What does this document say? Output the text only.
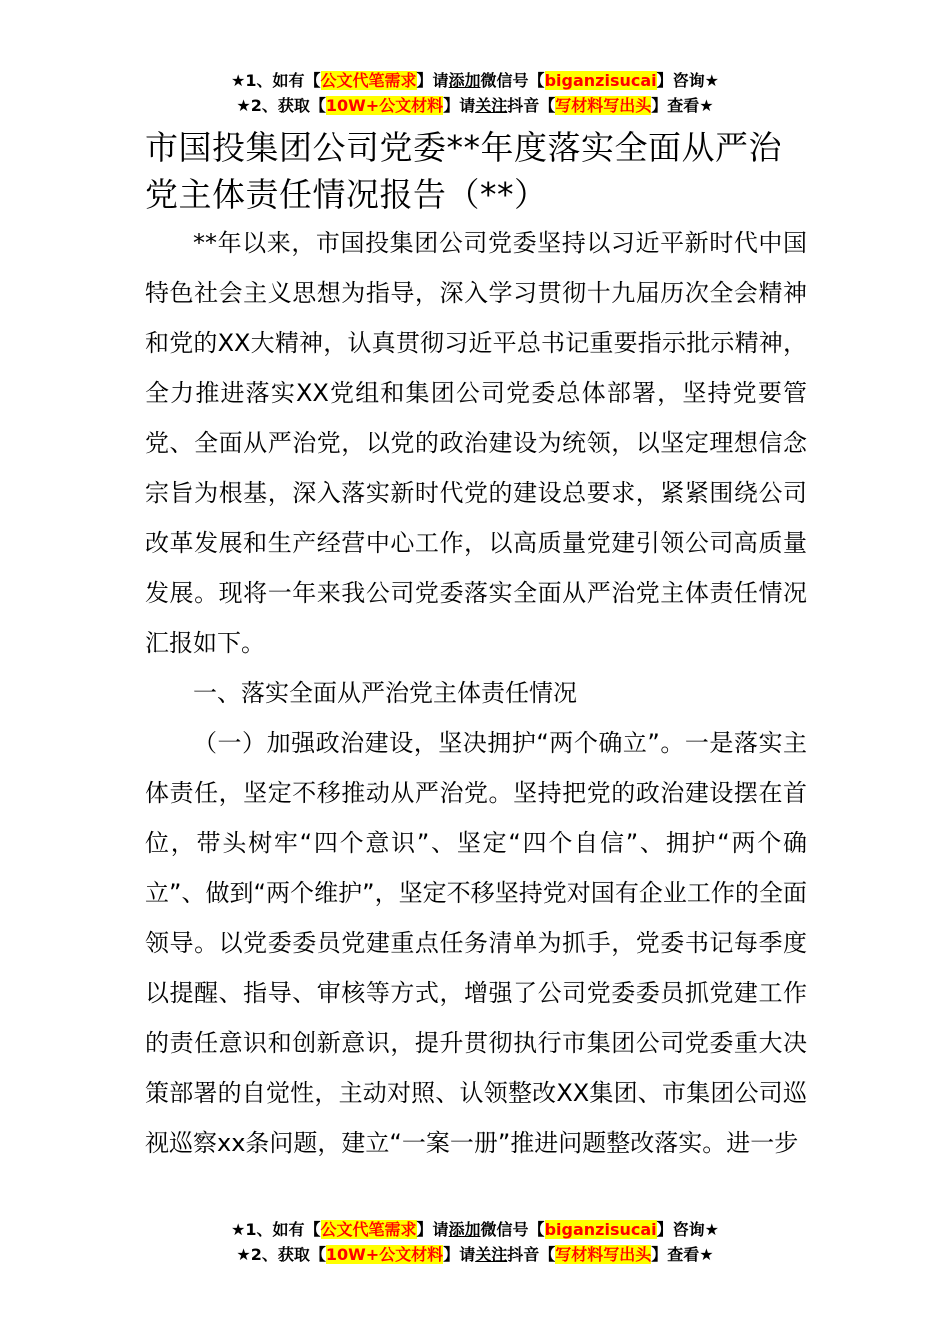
★1、如有【公文代笔需求】请添加微信号【biganzisucai】咨询★
★2、获取【10W+公文材料】请关注抖音【写材料写出头】查看★
市国投集团公司党委**年度落实全面从严治党主体责任情况报告（**）

**年以来，市国投集团公司党委坚持以习近平新时代中国特色社会主义思想为指导，深入学习贯彻十九届历次全会精神和党的XX大精神，认真贯彻习近平总书记重要指示批示精神，全力推进落实XX党组和集团公司党委总体部署，坚持党要管党、全面从严治党，以党的政治建设为统领，以坚定理想信念宗旨为根基，深入落实新时代党的建设总要求，紧紧围绕公司改革发展和生产经营中心工作，以高质量党建引领公司高质量发展。现将一年来我公司党委落实全面从严治党主体责任情况汇报如下。

一、落实全面从严治党主体责任情况

（一）加强政治建设，坚决拥护“两个确立”。一是落实主体责任，坚定不移推动从严治党。坚持把党的政治建设摆在首位，带头树牢“四个意识”、坚定“四个自信”、拥护“两个确立”、做到“两个维护”，坚定不移坚持党对国有企业工作的全面领导。以党委委员党建重点任务清单为抓手，党委书记每季度以提醒、指导、审核等方式，增强了公司党委委员抓党建工作的责任意识和创新意识，提升贯彻执行市集团公司党委重大决策部署的自觉性，主动对照、认领整改XX集团、市集团公司巡视巡察xx条问题，建立“一案一册”推进问题整改落实。进一步

★1、如有【公文代笔需求】请添加微信号【biganzisucai】咨询★
★2、获取【10W+公文材料】请关注抖音【写材料写出头】查看★
